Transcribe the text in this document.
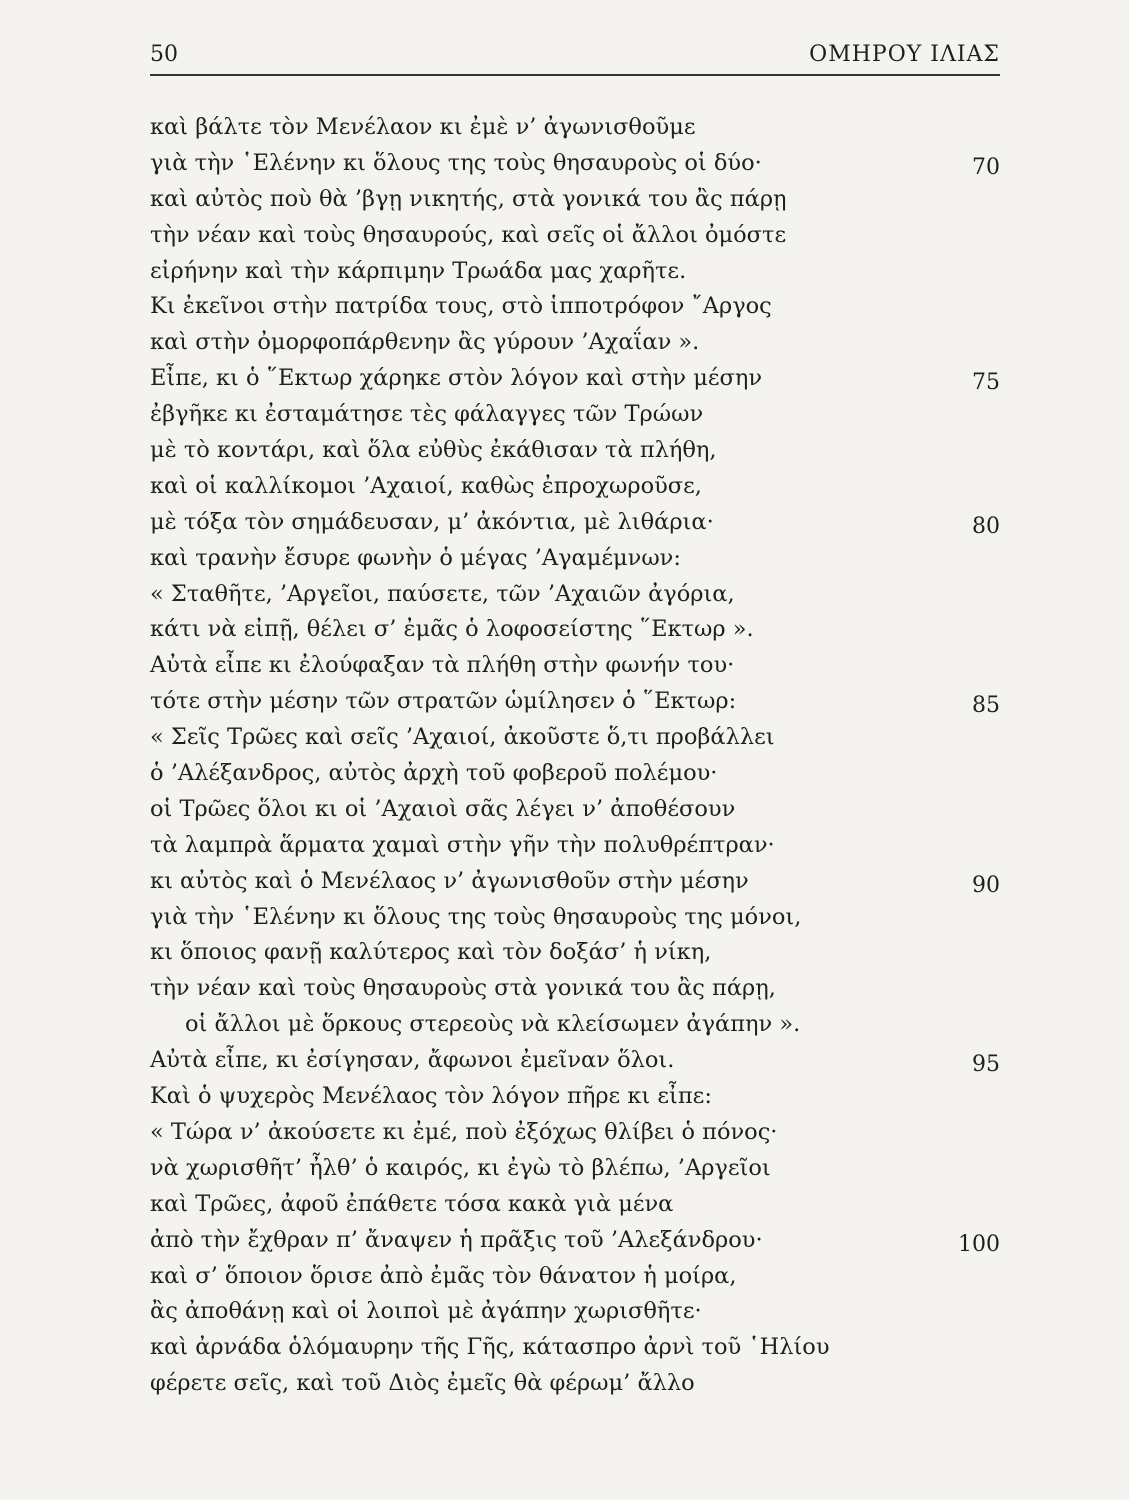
50	ΟΜΗΡΟΥ ΙΛΙΑΣ
καὶ βάλτε τὸν Μενέλαον κι ἐμὲ ν’ ἀγωνισθοῦμε
γιὰ τὴν ῾Ελένην κι ὅλους της τοὺς θησαυροὺς οἱ δύο·	70
καὶ αὐτὸς ποὺ θὰ ’βγῃ νικητής, στὰ γονικά του ἂς πάρῃ
τὴν νέαν καὶ τοὺς θησαυρούς, καὶ σεῖς οἱ ἄλλοι ὀμόστε
εἰρήνην καὶ τὴν κάρπιμην Τρωάδα μας χαρῆτε.
Κι ἐκεῖνοι στὴν πατρίδα τους, στὸ ἱπποτρόφον ῎Αργος
καὶ στὴν ὀμορφοπάρθενην ἂς γύρουν ’Αχαΐαν ».
Εἶπε, κι ὁ ῞Εκτωρ χάρηκε στὸν λόγον καὶ στὴν μέσην	75
ἐβγῆκε κι ἐσταμάτησε τὲς φάλαγγες τῶν Τρώων
μὲ τὸ κοντάρι, καὶ ὅλα εὐθὺς ἐκάθισαν τὰ πλήθη,
καὶ οἱ καλλίκομοι ’Αχαιοί, καθὼς ἐπροχωροῦσε,
μὲ τόξα τὸν σημάδευσαν, μ’ ἀκόντια, μὲ λιθάρια·	80
καὶ τρανὴν ἔσυρε φωνὴν ὁ μέγας ’Αγαμέμνων:
« Σταθῆτε, ’Αργεῖοι, παύσετε, τῶν ’Αχαιῶν ἀγόρια,
κάτι νὰ εἰπῇ, θέλει σ’ ἐμᾶς ὁ λοφοσείστης ῞Εκτωρ ».
Αὐτὰ εἶπε κι ἐλούφαξαν τὰ πλήθη στὴν φωνήν του·
τότε στὴν μέσην τῶν στρατῶν ὡμίλησεν ὁ ῞Εκτωρ:	85
« Σεῖς Τρῶες καὶ σεῖς ’Αχαιοί, ἀκοῦστε ὅ,τι προβάλλει
ὁ ’Αλέξανδρος, αὐτὸς ἀρχὴ τοῦ φοβεροῦ πολέμου·
οἱ Τρῶες ὅλοι κι οἱ ’Αχαιοὶ σᾶς λέγει ν’ ἀποθέσουν
τὰ λαμπρὰ ἅρματα χαμαὶ στὴν γῆν τὴν πολυθρέπτραν·
κι αὐτὸς καὶ ὁ Μενέλαος ν’ ἀγωνισθοῦν στὴν μέσην	90
γιὰ τὴν ῾Ελένην κι ὅλους της τοὺς θησαυροὺς της μόνοι,
κι ὅποιος φανῇ καλύτερος καὶ τὸν δοξάσ’ ἡ νίκη,
τὴν νέαν καὶ τοὺς θησαυροὺς στὰ γονικά του ἂς πάρῃ,
οἱ ἄλλοι μὲ ὅρκους στερεοὺς νὰ κλείσωμεν ἀγάπην ».
Αὐτὰ εἶπε, κι ἐσίγησαν, ἄφωνοι ἐμεῖναν ὅλοι.	95
Καὶ ὁ ψυχερὸς Μενέλαος τὸν λόγον πῆρε κι εἶπε:
« Τώρα ν’ ἀκούσετε κι ἐμέ, ποὺ ἐξόχως θλίβει ὁ πόνος·
νὰ χωρισθῆτ’ ἦλθ’ ὁ καιρός, κι ἐγὼ τὸ βλέπω, ’Αργεῖοι
καὶ Τρῶες, ἀφοῦ ἐπάθετε τόσα κακὰ γιὰ μένα
ἀπὸ τὴν ἔχθραν π’ ἄναψεν ἡ πρᾶξις τοῦ ’Αλεξάνδρου·	100
καὶ σ’ ὅποιον ὅρισε ἀπὸ ἐμᾶς τὸν θάνατον ἡ μοίρα,
ἂς ἀποθάνῃ καὶ οἱ λοιποὶ μὲ ἀγάπην χωρισθῆτε·
καὶ ἀρνάδα ὁλόμαυρην τῆς Γῆς, κάτασπρο ἀρνὶ τοῦ ῾Ηλίου
φέρετε σεῖς, καὶ τοῦ Διὸς ἐμεῖς θὰ φέρωμ’ ἄλλο
